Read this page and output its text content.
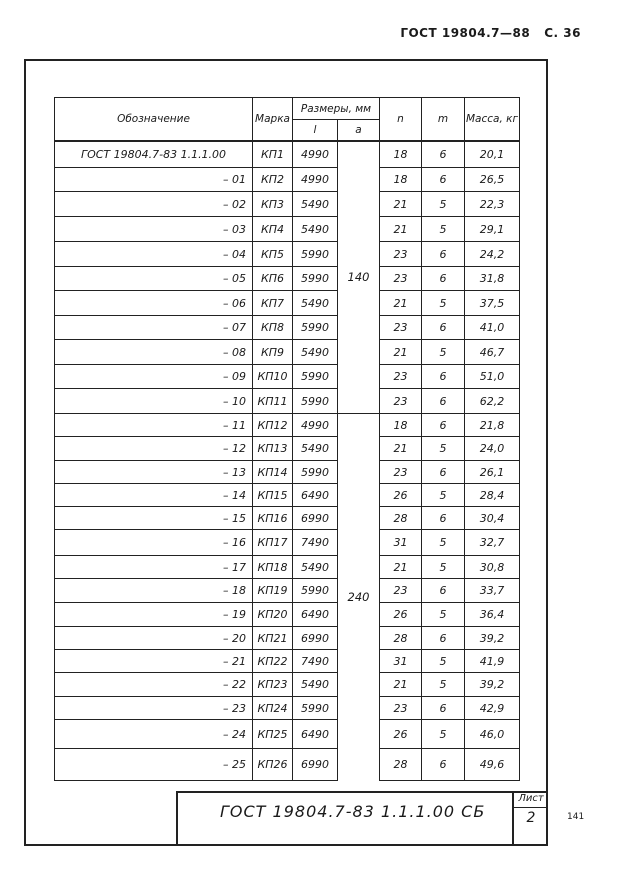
ГОСТ 19804.7—88 С. 36
Обозначение	Марка	Размеры, мм		n	m	Масса, кг
		l	a			
ГОСТ 19804.7-83 1.1.1.00	КП1	4990	140	18	6	20,1
– 01	КП2	4990		18	6	26,5
– 02	КП3	5490		21	5	22,3
– 03	КП4	5490		21	5	29,1
– 04	КП5	5990		23	6	24,2
– 05	КП6	5990		23	6	31,8
– 06	КП7	5490		21	5	37,5
– 07	КП8	5990		23	6	41,0
– 08	КП9	5490		21	5	46,7
– 09	КП10	5990		23	6	51,0
– 10	КП11	5990		23	6	62,2
– 11	КП12	4990	240	18	6	21,8
– 12	КП13	5490		21	5	24,0
– 13	КП14	5990		23	6	26,1
– 14	КП15	6490		26	5	28,4
– 15	КП16	6990		28	6	30,4
– 16	КП17	7490		31	5	32,7
– 17	КП18	5490		21	5	30,8
– 18	КП19	5990		23	6	33,7
– 19	КП20	6490		26	5	36,4
– 20	КП21	6990		28	6	39,2
– 21	КП22	7490		31	5	41,9
– 22	КП23	5490		21	5	39,2
– 23	КП24	5990		23	6	42,9
– 24	КП25	6490		26	5	46,0
– 25	КП26	6990		28	6	49,6
ГОСТ 19804.7-83 1.1.1.00 СБ
Лист
2	141
